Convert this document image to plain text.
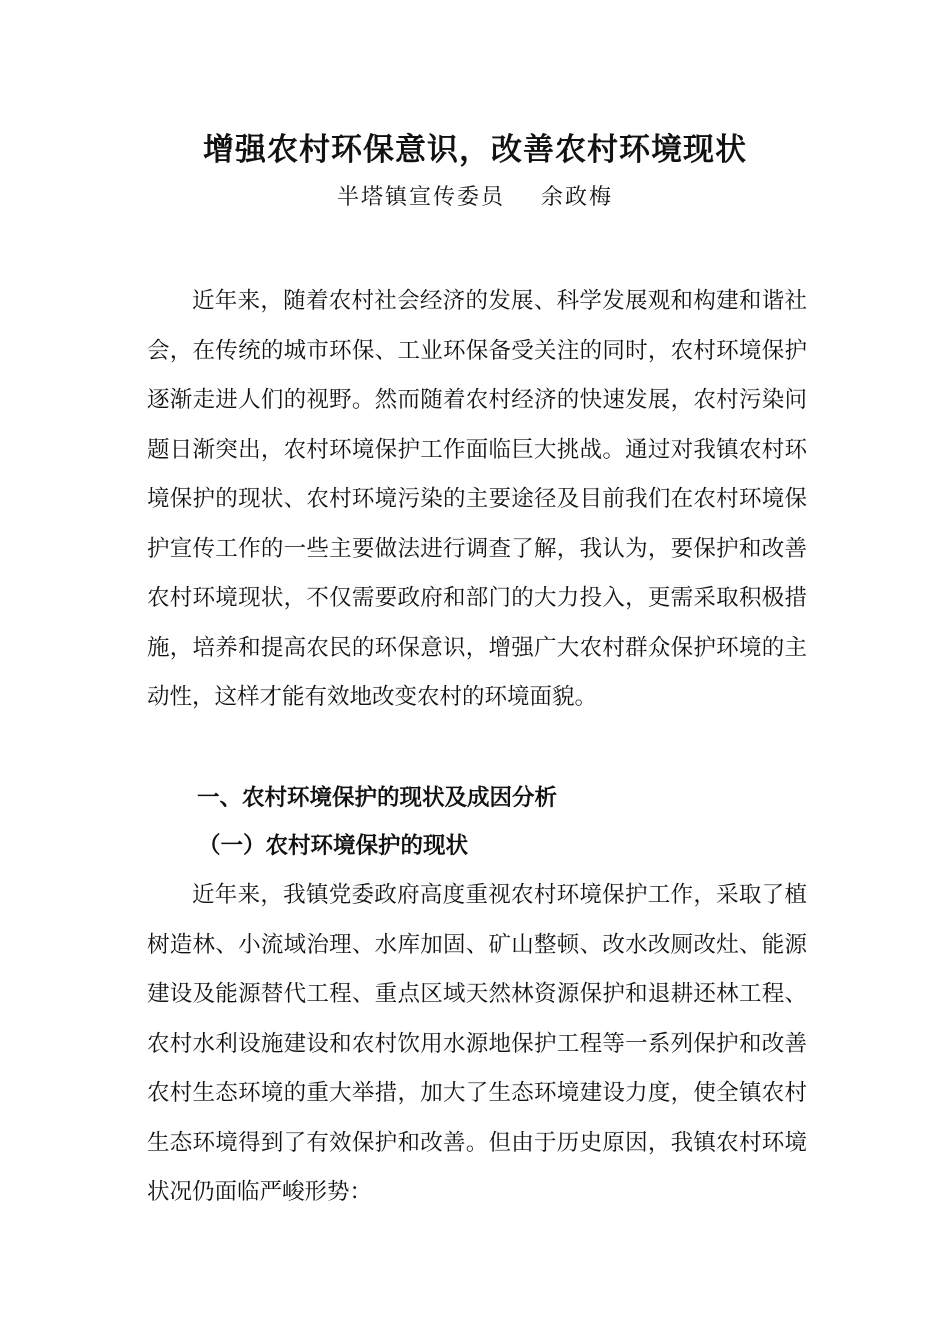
增强农村环保意识，改善农村环境现状
半塔镇宣传委员    余政梅

近年来，随着农村社会经济的发展、科学发展观和构建和谐社会，在传统的城市环保、工业环保备受关注的同时，农村环境保护逐渐走进人们的视野。然而随着农村经济的快速发展，农村污染问题日渐突出，农村环境保护工作面临巨大挑战。通过对我镇农村环境保护的现状、农村环境污染的主要途径及目前我们在农村环境保护宣传工作的一些主要做法进行调查了解，我认为，要保护和改善农村环境现状，不仅需要政府和部门的大力投入，更需采取积极措施，培养和提高农民的环保意识，增强广大农村群众保护环境的主动性，这样才能有效地改变农村的环境面貌。

一、农村环境保护的现状及成因分析
（一）农村环境保护的现状

近年来，我镇党委政府高度重视农村环境保护工作，采取了植树造林、小流域治理、水库加固、矿山整顿、改水改厕改灶、能源建设及能源替代工程、重点区域天然林资源保护和退耕还林工程、农村水利设施建设和农村饮用水源地保护工程等一系列保护和改善农村生态环境的重大举措，加大了生态环境建设力度，使全镇农村生态环境得到了有效保护和改善。但由于历史原因，我镇农村环境状况仍面临严峻形势：
